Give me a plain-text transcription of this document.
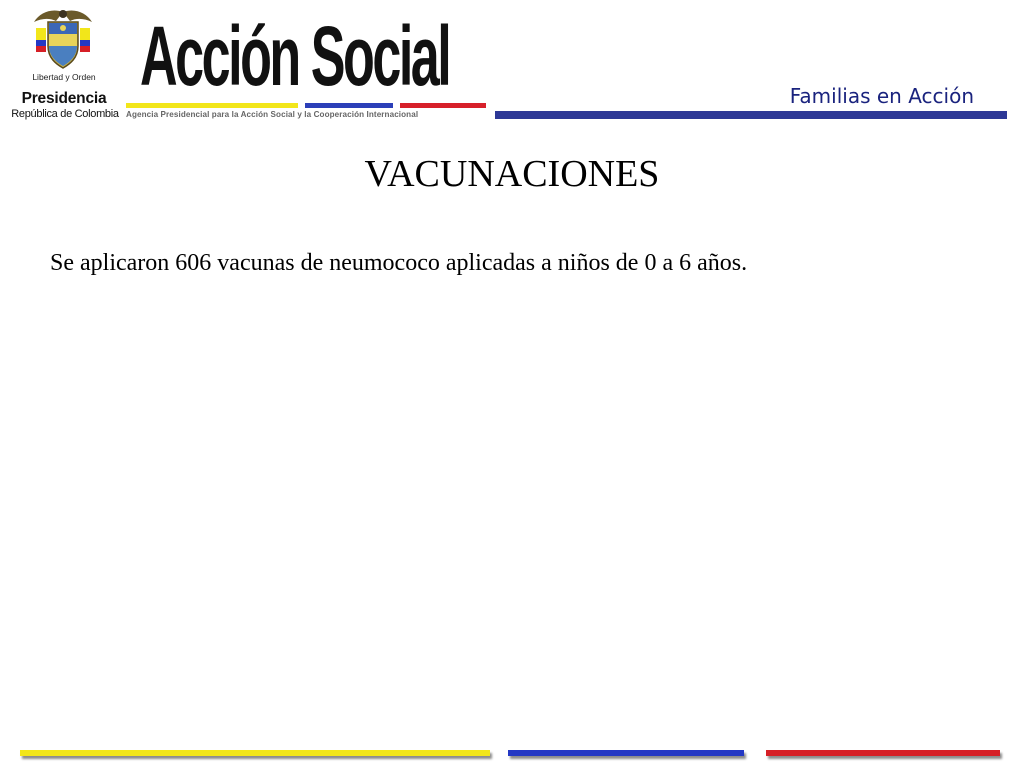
Libertad y Orden
Presidencia
República de Colombia
Acción Social
Agencia Presidencial para la Acción Social y la Cooperación Internacional
Familias en Acción
VACUNACIONES
Se aplicaron 606 vacunas de neumococo aplicadas a niños de 0 a 6 años.
